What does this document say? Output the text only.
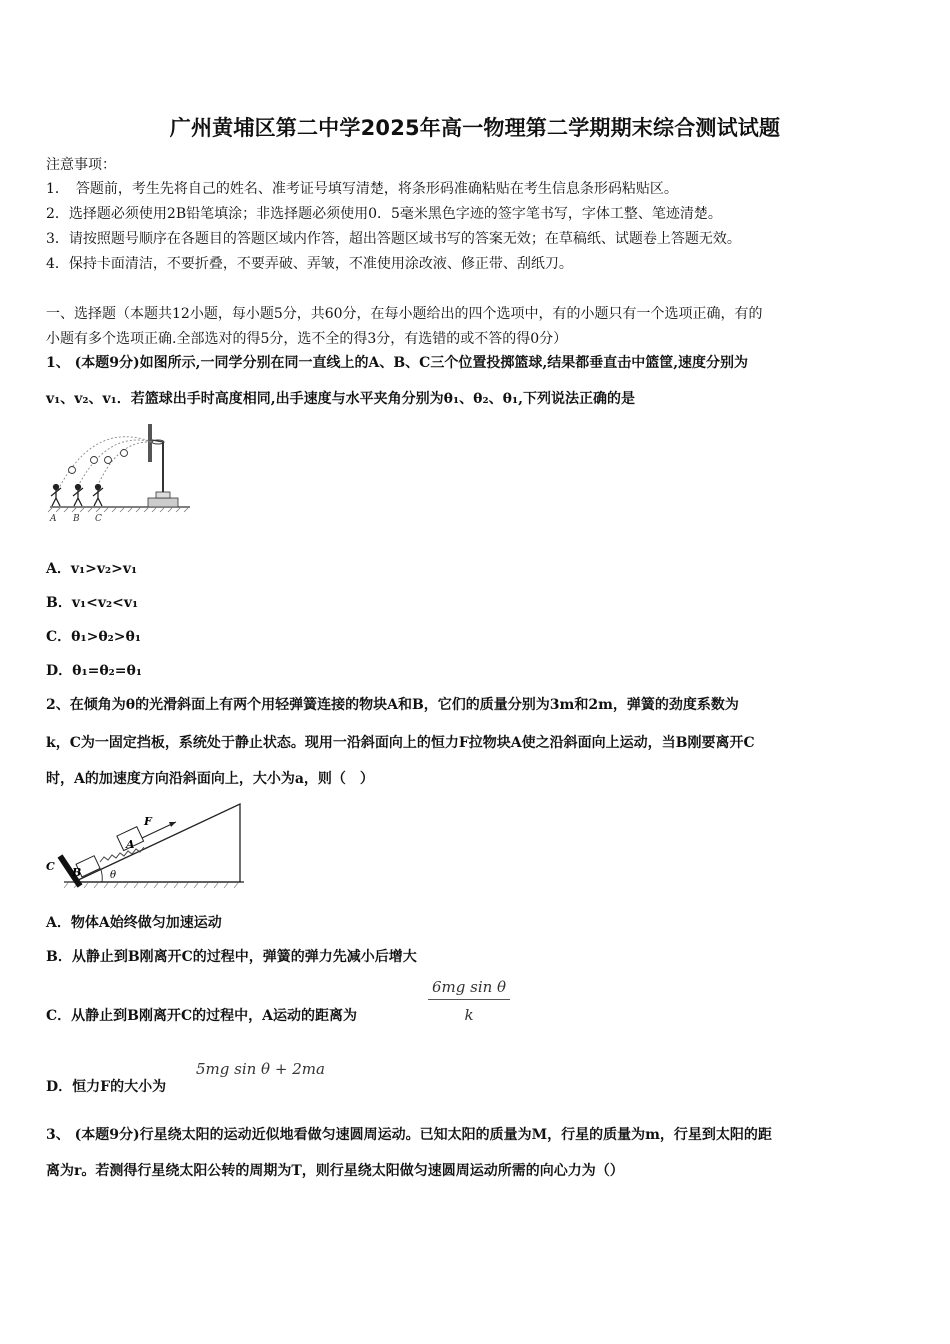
广州黄埔区第二中学2025年高一物理第二学期期末综合测试试题
注意事项：
1．　答题前，考生先将自己的姓名、准考证号填写清楚，将条形码准确粘贴在考生信息条形码粘贴区。
2．选择题必须使用2B铅笔填涂；非选择题必须使用0．5毫米黑色字迹的签字笔书写，字体工整、笔迹清楚。
3．请按照题号顺序在各题目的答题区域内作答，超出答题区域书写的答案无效；在草稿纸、试题卷上答题无效。
4．保持卡面清洁，不要折叠，不要弄破、弄皱，不准使用涂改液、修正带、刮纸刀。
一、选择题（本题共12小题，每小题5分，共60分，在每小题给出的四个选项中，有的小题只有一个选项正确，有的
小题有多个选项正确.全部选对的得5分，选不全的得3分，有选错的或不答的得0分）
1、 (本题9分)如图所示,一同学分别在同一直线上的A、B、C三个位置投掷篮球,结果都垂直击中篮筐,速度分别为
v₁、v₂、v₁．若篮球出手时高度相同,出手速度与水平夹角分别为θ₁、θ₂、θ₁,下列说法正确的是
A B C
A．v₁>v₂>v₁
B．v₁<v₂<v₁
C．θ₁>θ₂>θ₁
D．θ₁=θ₂=θ₁
2、在倾角为θ的光滑斜面上有两个用轻弹簧连接的物块A和B，它们的质量分别为3m和2m，弹簧的劲度系数为
k，C为一固定挡板，系统处于静止状态。现用一沿斜面向上的恒力F拉物块A使之沿斜面向上运动，当B刚要离开C
时，A的加速度方向沿斜面向上，大小为a，则（　）
F
A
B
C
θ
A．物体A始终做匀加速运动
B．从静止到B刚离开C的过程中，弹簧的弹力先减小后增大
C．从静止到B刚离开C的过程中，A运动的距离为	$\frac{\text{6mg sin θ}}{k}$
D．恒力F的大小为
5mg sin θ + 2ma
3、 (本题9分)行星绕太阳的运动近似地看做匀速圆周运动。已知太阳的质量为M，行星的质量为m，行星到太阳的距
离为r。若测得行星绕太阳公转的周期为T，则行星绕太阳做匀速圆周运动所需的向心力为（）
